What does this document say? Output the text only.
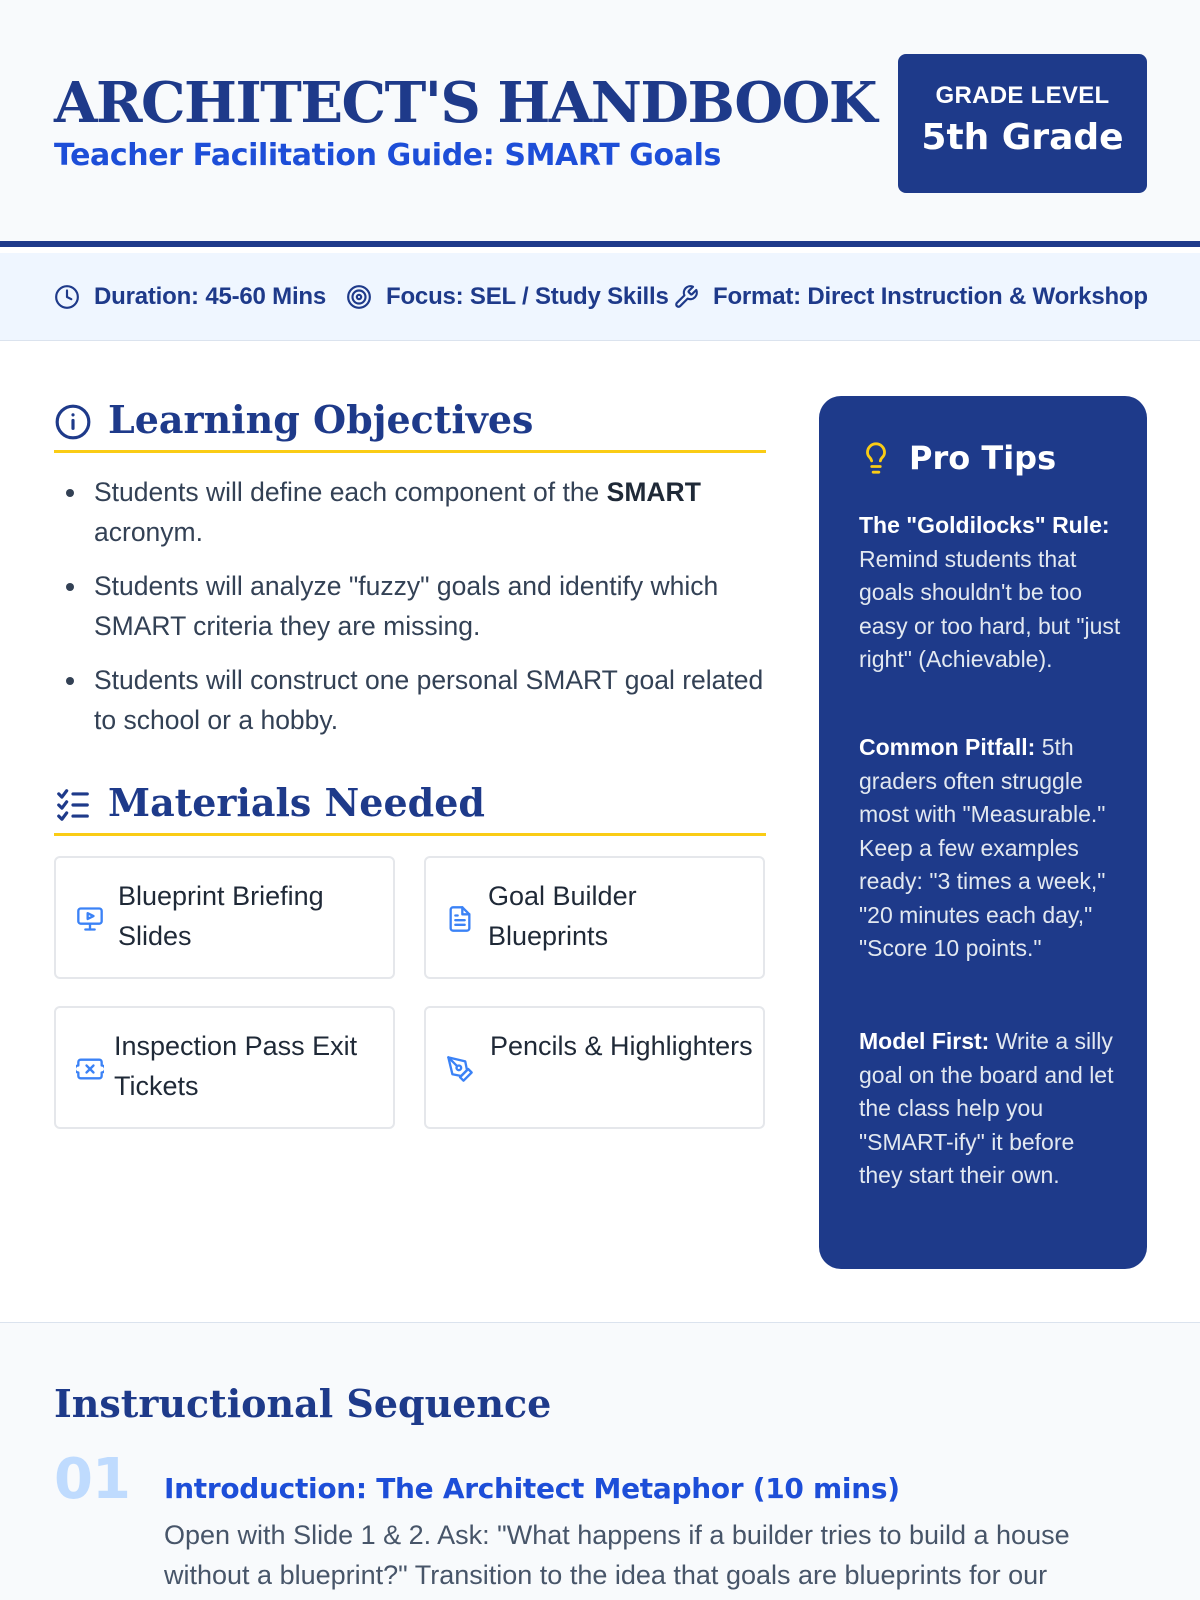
ARCHITECT'S HANDBOOK
Teacher Facilitation Guide: SMART Goals
GRADE LEVEL
5th Grade
Duration: 45-60 Mins Focus: SEL / Study Skills Format: Direct Instruction & Workshop
Learning Objectives
Students will define each component of the SMART acronym.
Students will analyze "fuzzy" goals and identify which SMART criteria they are missing.
Students will construct one personal SMART goal related to school or a hobby.
Materials Needed
Blueprint Briefing Slides
Goal Builder Blueprints
Inspection Pass Exit Tickets
Pencils & Highlighters
Pro Tips
The "Goldilocks" Rule: Remind students that goals shouldn't be too easy or too hard, but "just right" (Achievable).
Common Pitfall: 5th graders often struggle most with "Measurable." Keep a few examples ready: "3 times a week," "20 minutes each day," "Score 10 points."
Model First: Write a silly goal on the board and let the class help you "SMART-ify" it before they start their own.
Instructional Sequence
01 Introduction: The Architect Metaphor (10 mins)
Open with Slide 1 & 2. Ask: "What happens if a builder tries to build a house without a blueprint?" Transition to the idea that goals are blueprints for our
